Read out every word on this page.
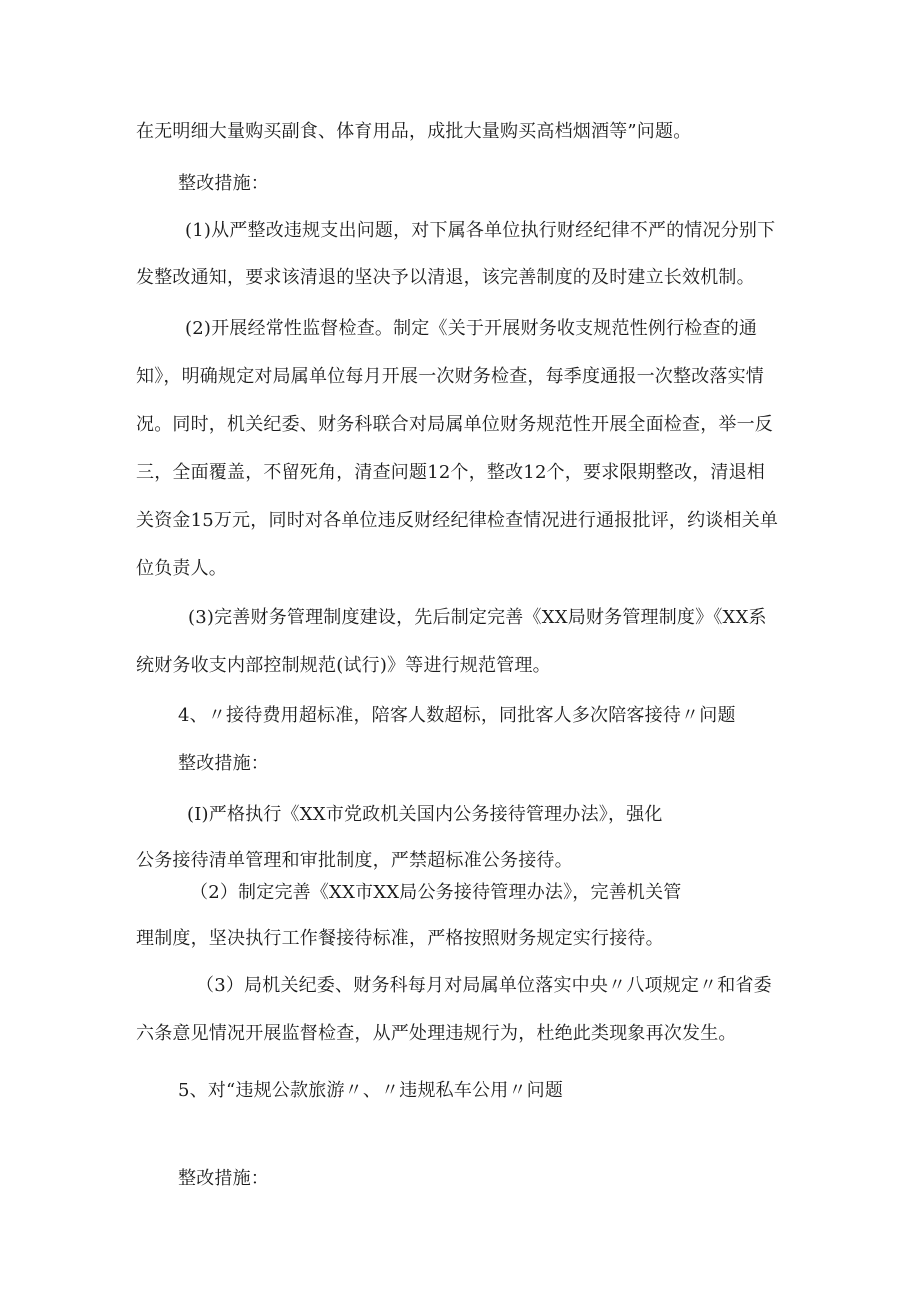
在无明细大量购买副食、体育用品，成批大量购买高档烟酒等”问题。
整改措施：
(1)从严整改违规支出问题，对下属各单位执行财经纪律不严的情况分别下
发整改通知，要求该清退的坚决予以清退，该完善制度的及时建立长效机制。
(2)开展经常性监督检查。制定《关于开展财务收支规范性例行检查的通
知》，明确规定对局属单位每月开展一次财务检查，每季度通报一次整改落实情
况。同时，机关纪委、财务科联合对局属单位财务规范性开展全面检查，举一反
三，全面覆盖，不留死角，清查问题12个，整改12个，要求限期整改，清退相
关资金15万元，同时对各单位违反财经纪律检查情况进行通报批评，约谈相关单
位负责人。
(3)完善财务管理制度建设，先后制定完善《XX局财务管理制度》《XX系
统财务收支内部控制规范(试行)》等进行规范管理。
4、〃接待费用超标准，陪客人数超标，同批客人多次陪客接待〃问题
整改措施：
(I)严格执行《XX市党政机关国内公务接待管理办法》，强化
公务接待清单管理和审批制度，严禁超标准公务接待。
（2）制定完善《XX市XX局公务接待管理办法》，完善机关管
理制度，坚决执行工作餐接待标准，严格按照财务规定实行接待。
（3）局机关纪委、财务科每月对局属单位落实中央〃八项规定〃和省委
六条意见情况开展监督检查，从严处理违规行为，杜绝此类现象再次发生。
5、对“违规公款旅游〃、〃违规私车公用〃问题
整改措施：
